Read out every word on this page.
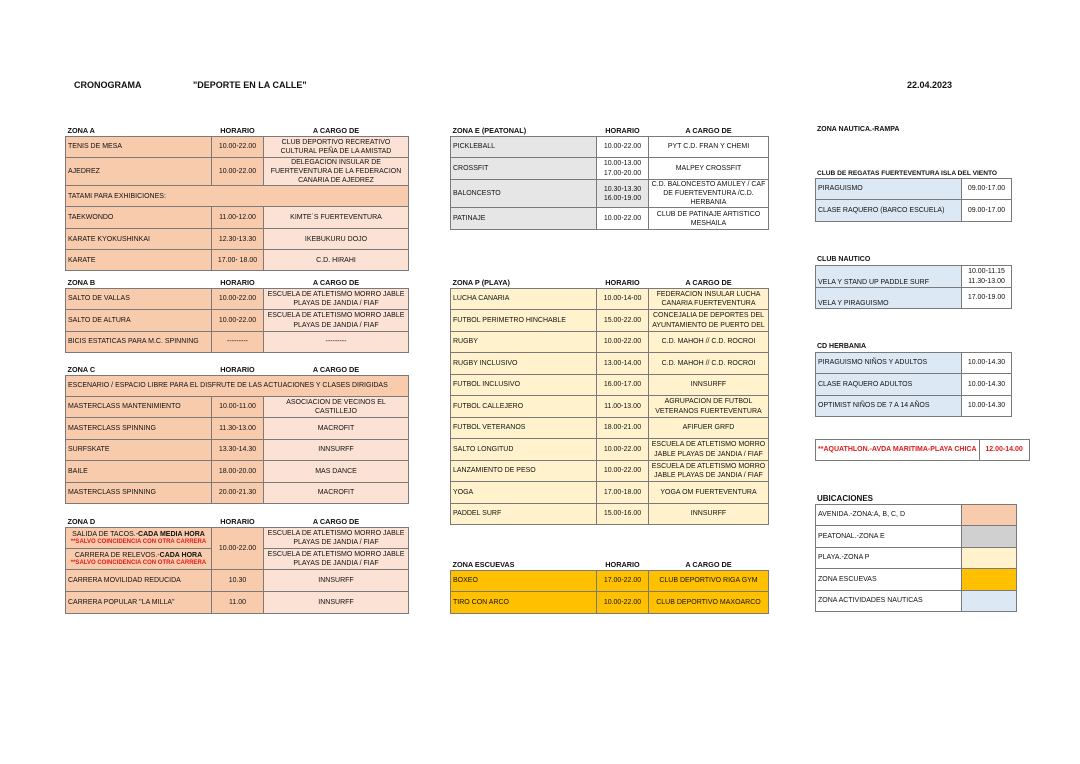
CRONOGRAMA	"DEPORTE EN LA CALLE"	22.04.2023
ZONA A	HORARIO	A CARGO DE
TENIS DE MESA	10.00-22.00	CLUB DEPORTIVO RECREATIVO CULTURAL PEÑA DE LA AMISTAD
AJEDREZ	10.00-22.00	DELEGACION INSULAR DE FUERTEVENTURA DE LA FEDERACION CANARIA DE AJEDREZ
TATAMI PARA EXHIBICIONES:		
TAEKWONDO	11.00-12.00	KIMTE´S FUERTEVENTURA
KARATE KYOKUSHINKAI	12.30-13.30	IKEBUKURU DOJO
KARATE	17.00- 18.00	C.D. HIRAHI
ZONA B	HORARIO	A CARGO DE
SALTO DE VALLAS	10.00-22.00	ESCUELA DE ATLETISMO MORRO JABLE PLAYAS DE JANDIA / FIAF
SALTO DE ALTURA	10.00-22.00	ESCUELA DE ATLETISMO MORRO JABLE PLAYAS DE JANDIA / FIAF
BICIS ESTATICAS PARA M.C. SPINNING	---------	---------
ZONA C	HORARIO	A CARGO DE
ESCENARIO / ESPACIO LIBRE PARA EL DISFRUTE DE LAS ACTUACIONES Y CLASES DIRIGIDAS		
MASTERCLASS MANTENIMIENTO	10.00-11.00	ASOCIACION DE VECINOS EL CASTILLEJO
MASTERCLASS SPINNING	11.30-13.00	MACROFIT
SURFSKATE	13.30-14.30	INNSURFF
BAILE	18.00-20.00	MAS DANCE
MASTERCLASS SPINNING	20.00-21.30	MACROFIT
ZONA D	HORARIO	A CARGO DE
SALIDA DE TACOS.-CADA MEDIA HORA
**SALVO COINCIDENCIA CON OTRA CARRERA	10.00-22.00	ESCUELA DE ATLETISMO MORRO JABLE PLAYAS DE JANDIA / FIAF
CARRERA DE RELEVOS.-CADA HORA
**SALVO COINCIDENCIA CON OTRA CARRERA		ESCUELA DE ATLETISMO MORRO JABLE PLAYAS DE JANDIA / FIAF
CARRERA MOVILIDAD REDUCIDA	10.30	INNSURFF
CARRERA POPULAR "LA MILLA"	11.00	INNSURFF
ZONA E (PEATONAL)	HORARIO	A CARGO DE
PICKLEBALL	10.00-22.00	PYT C.D. FRAN Y CHEMI
CROSSFIT	10.00-13.00 17.00-20.00	MALPEY CROSSFIT
BALONCESTO	10.30-13.30 16.00-19.00	C.D. BALONCESTO AMULEY / CAF DE FUERTEVENTURA /C.D. HERBANIA
PATINAJE	10.00-22.00	CLUB DE PATINAJE ARTISTICO MESHAILA
ZONA P (PLAYA)	HORARIO	A CARGO DE
LUCHA CANARIA	10.00-14-00	FEDERACION INSULAR LUCHA CANARIA FUERTEVENTURA
FUTBOL PERIMETRO HINCHABLE	15.00-22.00	CONCEJALIA DE DEPORTES DEL AYUNTAMIENTO DE PUERTO DEL
RUGBY	10.00-22.00	C.D. MAHOH // C.D. ROCROI
RUGBY INCLUSIVO	13.00-14.00	C.D. MAHOH // C.D. ROCROI
FUTBOL INCLUSIVO	16.00-17.00	INNSURFF
FUTBOL CALLEJERO	11.00-13.00	AGRUPACION DE FUTBOL VETERANOS FUERTEVENTURA
FUTBOL VETERANOS	18.00-21.00	AFIFUER GRFD
SALTO LONGITUD	10.00-22.00	ESCUELA DE ATLETISMO MORRO JABLE PLAYAS DE JANDIA / FIAF
LANZAMIENTO DE PESO	10.00-22.00	ESCUELA DE ATLETISMO MORRO JABLE PLAYAS DE JANDIA / FIAF
YOGA	17.00-18.00	YOGA OM FUERTEVENTURA
PADDEL SURF	15.00-16.00	INNSURFF
ZONA ESCUEVAS	HORARIO	A CARGO DE
BOXEO	17.00-22.00	CLUB DEPORTIVO RIGA GYM
TIRO CON ARCO	10.00-22.00	CLUB DEPORTIVO MAXOARCO
ZONA NAUTICA.-RAMPA
CLUB DE REGATAS FUERTEVENTURA ISLA DEL VIENTO
PIRAGUISMO	09.00-17.00
CLASE RAQUERO (BARCO ESCUELA)	09.00-17.00
CLUB NAUTICO
VELA Y STAND UP PADDLE SURF	10.00-11.15 11.30-13.00
VELA Y PIRAGUISMO	17.00-19.00
CD HERBANIA
PIRAGUISMO NIÑOS Y ADULTOS	10.00-14.30
CLASE RAQUERO ADULTOS	10.00-14.30
OPTIMIST NIÑOS DE 7 A 14 AÑOS	10.00-14.30
**AQUATHLON.-AVDA MARITIMA-PLAYA CHICA	12.00-14.00
UBICACIONES
AVENIDA.-ZONA:A, B, C, D	
PEATONAL.-ZONA E	
PLAYA.-ZONA P	
ZONA ESCUEVAS	
ZONA ACTIVIDADES NAUTICAS	
